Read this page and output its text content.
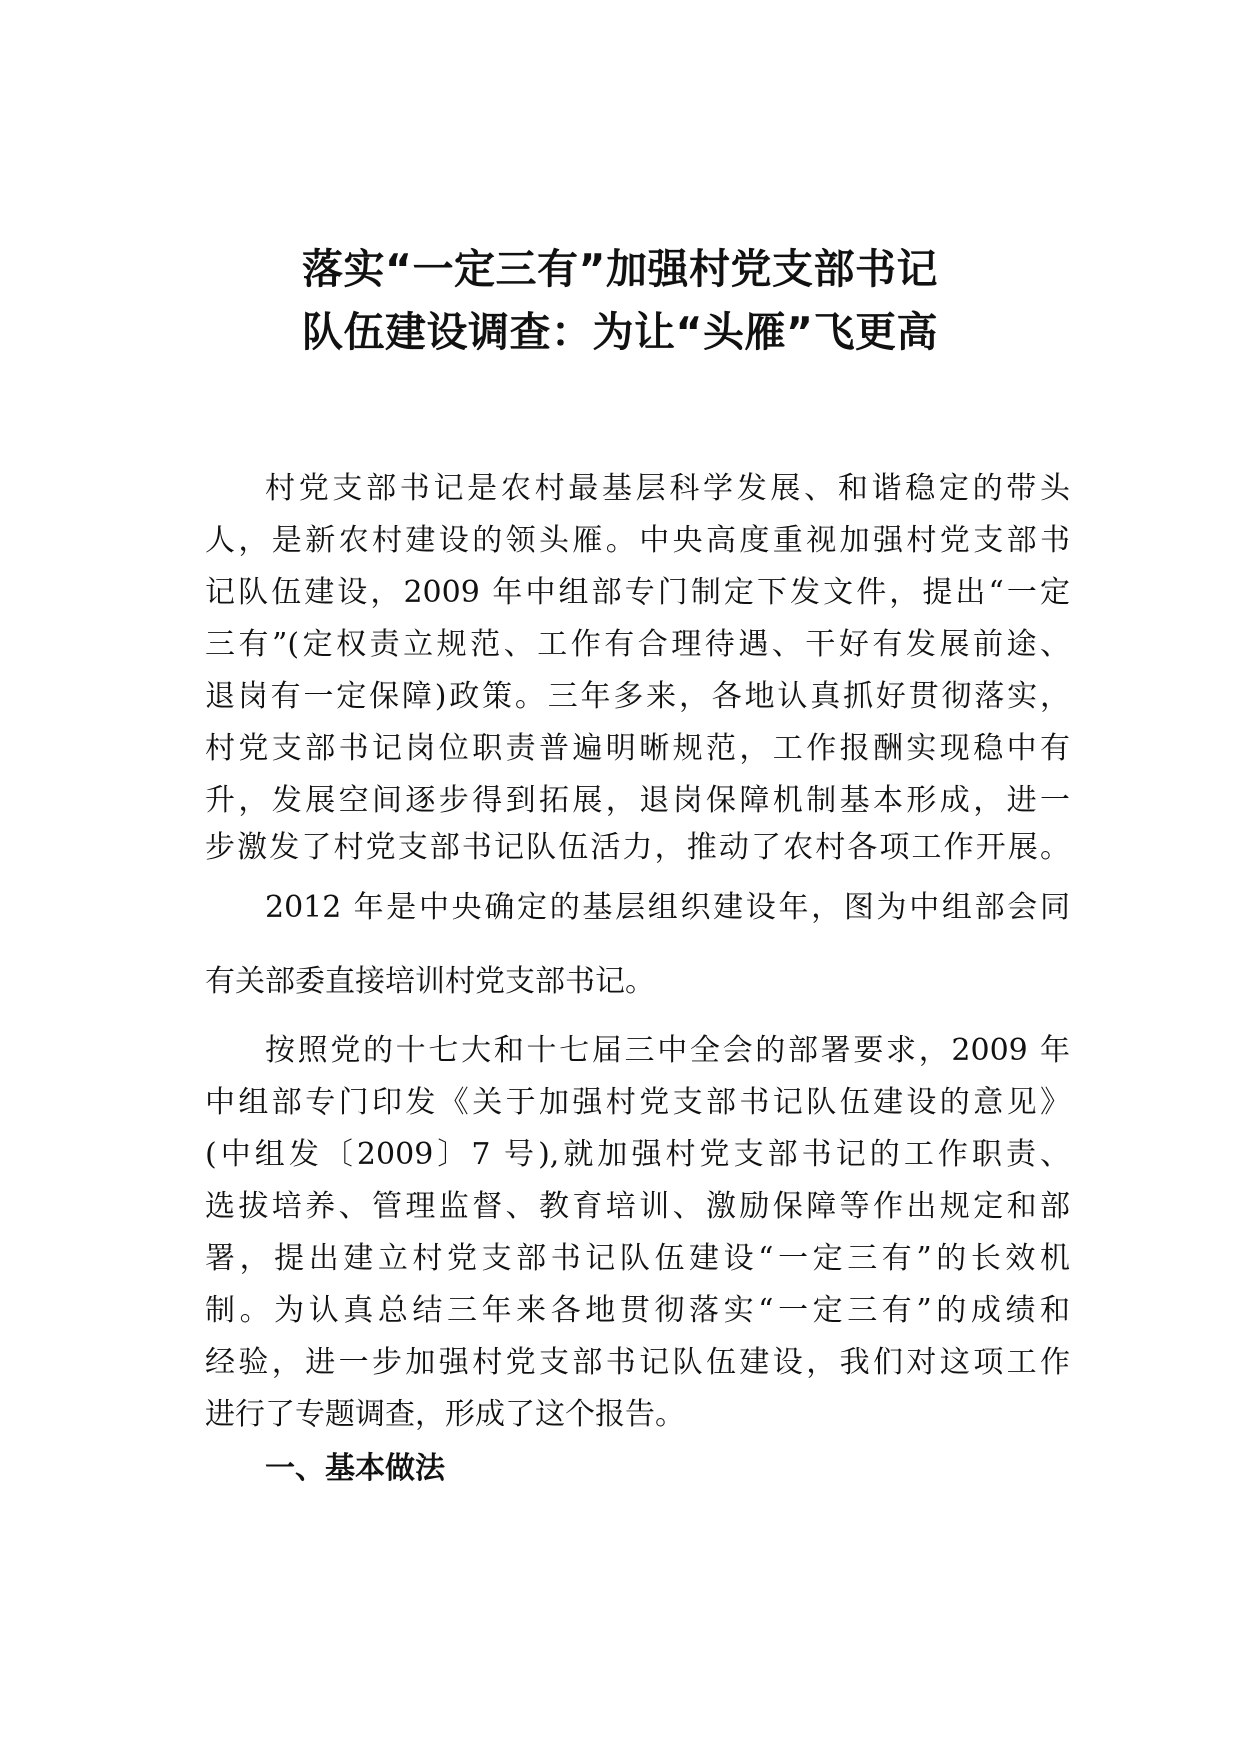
落实“一定三有”加强村党支部书记
队伍建设调查：为让“头雁”飞更高
村党支部书记是农村最基层科学发展、和谐稳定的带头
人，是新农村建设的领头雁。中央高度重视加强村党支部书
记队伍建设，2009 年中组部专门制定下发文件，提出“一定
三有”(定权责立规范、工作有合理待遇、干好有发展前途、
退岗有一定保障)政策。三年多来，各地认真抓好贯彻落实，
村党支部书记岗位职责普遍明晰规范，工作报酬实现稳中有
升，发展空间逐步得到拓展，退岗保障机制基本形成，进一
步激发了村党支部书记队伍活力，推动了农村各项工作开展。
2012 年是中央确定的基层组织建设年，图为中组部会同
有关部委直接培训村党支部书记。
按照党的十七大和十七届三中全会的部署要求，2009 年
中组部专门印发《关于加强村党支部书记队伍建设的意见》
(中组发〔2009〕7 号),就加强村党支部书记的工作职责、
选拔培养、管理监督、教育培训、激励保障等作出规定和部
署，提出建立村党支部书记队伍建设“一定三有”的长效机
制。为认真总结三年来各地贯彻落实“一定三有”的成绩和
经验，进一步加强村党支部书记队伍建设，我们对这项工作
进行了专题调查，形成了这个报告。
一、基本做法
